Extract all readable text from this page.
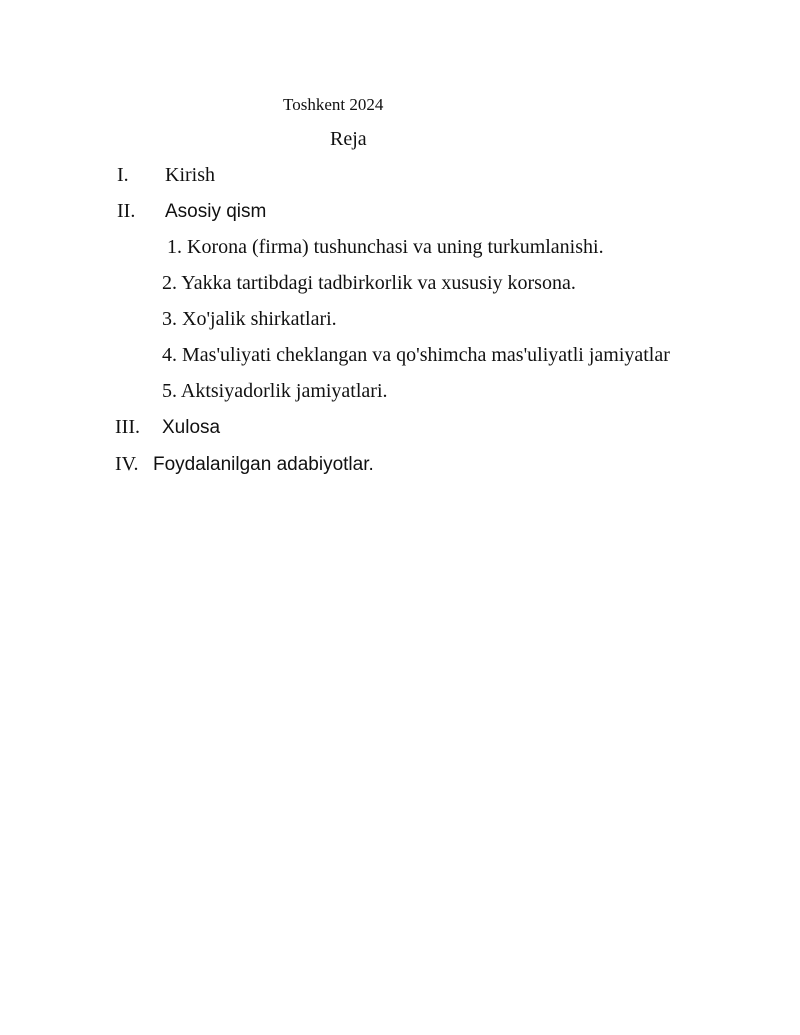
Toshkent 2024
Reja
I. Kirish
II. Asosiy qism
1. Korona (firma) tushunchasi va uning turkumlanishi.
2. Yakka tartibdagi tadbirkorlik va xususiy korsona.
3. Xo'jalik shirkatlari.
4. Mas'uliyati cheklangan va qo'shimcha mas'uliyatli jamiyatlar
5. Aktsiyadorlik jamiyatlari.
III. Xulosa
IV. Foydalanilgan adabiyotlar.
